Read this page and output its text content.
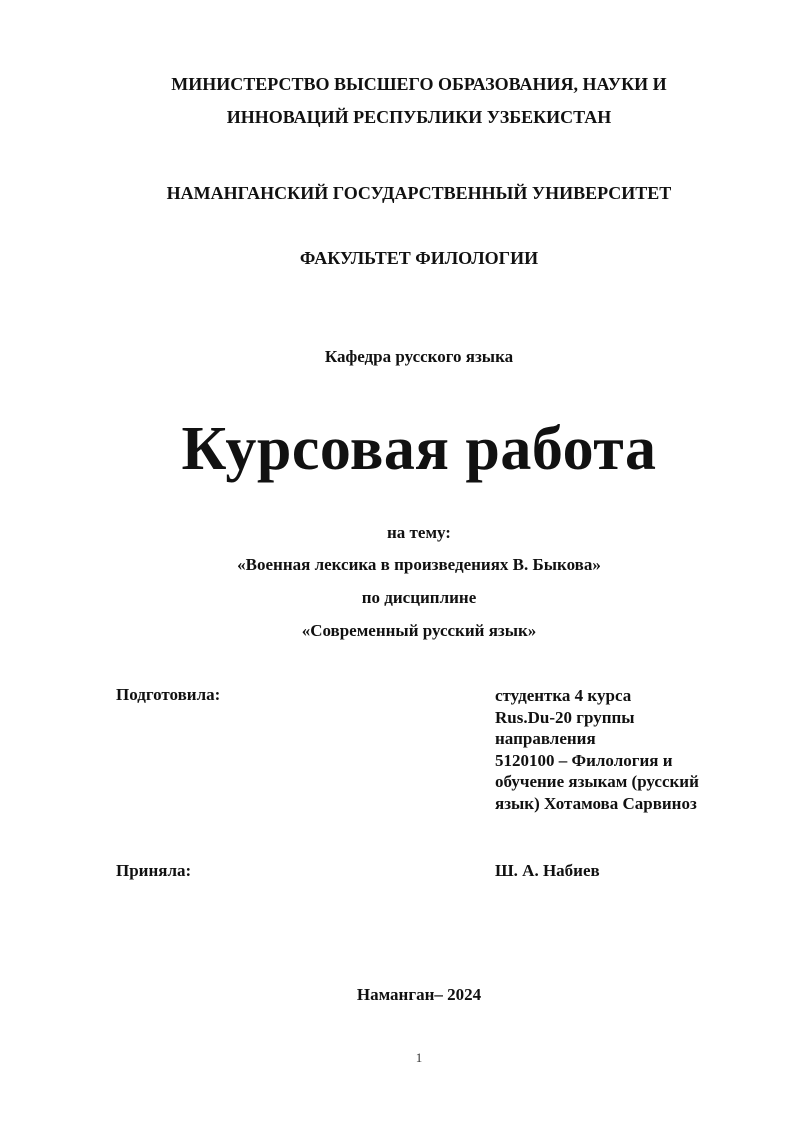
МИНИСТЕРСТВО ВЫСШЕГО ОБРАЗОВАНИЯ, НАУКИ И
ИННОВАЦИЙ РЕСПУБЛИКИ УЗБЕКИСТАН
НАМАНГАНСКИЙ ГОСУДАРСТВЕННЫЙ УНИВЕРСИТЕТ
ФАКУЛЬТЕТ ФИЛОЛОГИИ
Кафедра русского языка
Курсовая работа
на тему:
«Военная лексика в произведениях В. Быкова»
по дисциплине
«Современный русский язык»
Подготовила:	студентка 4 курса
Rus.Du-20 группы
направления
5120100 – Филология и
обучение языкам (русский
язык) Хотамова Сарвиноз
Приняла:	Ш. А. Набиев
Наманган– 2024
1
